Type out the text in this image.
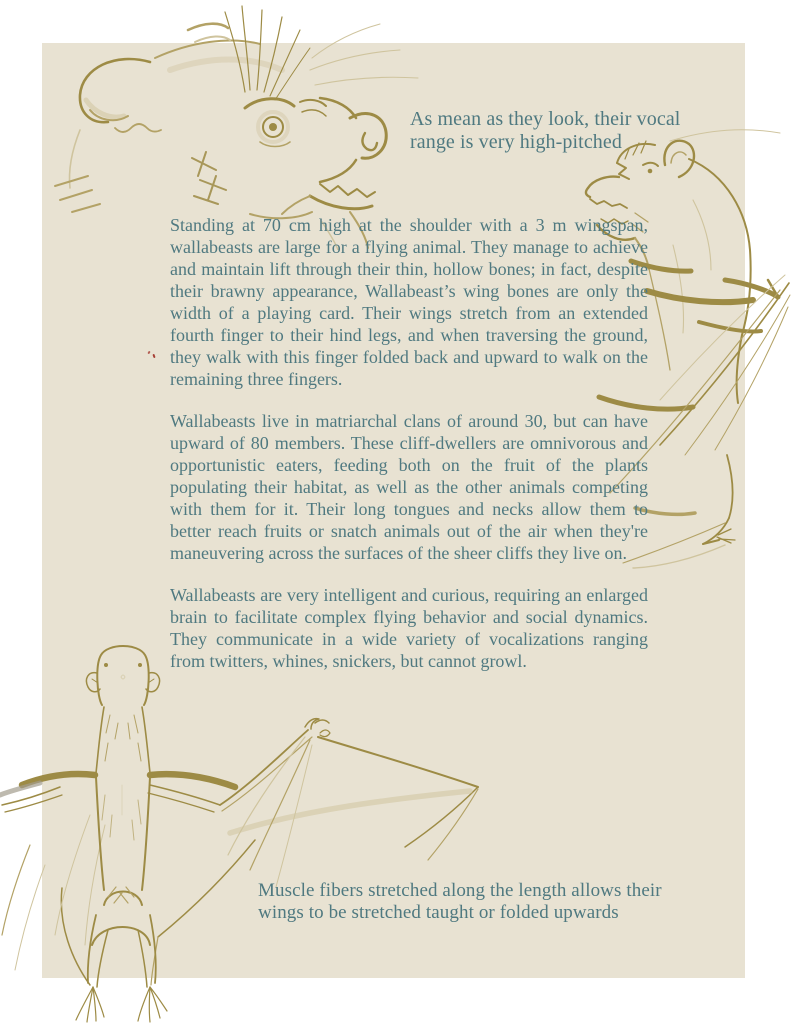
As mean as they look, their vocal range is very high-pitched

Standing at 70 cm high at the shoulder with a 3 m wingspan, wallabeasts are large for a flying animal. They manage to achieve and maintain lift through their thin, hollow bones; in fact, despite their brawny appearance, Wallabeast’s wing bones are only the width of a playing card. Their wings stretch from an extended fourth finger to their hind legs, and when traversing the ground, they walk with this finger folded back and upward to walk on the remaining three fingers.

Wallabeasts live in matriarchal clans of around 30, but can have upward of 80 members. These cliff-dwellers are omnivorous and opportunistic eaters, feeding both on the fruit of the plants populating their habitat, as well as the other animals competing with them for it. Their long tongues and necks allow them to better reach fruits or snatch animals out of the air when they're maneuvering across the surfaces of the sheer cliffs they live on.

Wallabeasts are very intelligent and curious, requiring an enlarged brain to facilitate complex flying behavior and social dynamics. They communicate in a wide variety of vocalizations ranging from twitters, whines, snickers, but cannot growl.

Muscle fibers stretched along the length allows their wings to be stretched taught or folded upwards
